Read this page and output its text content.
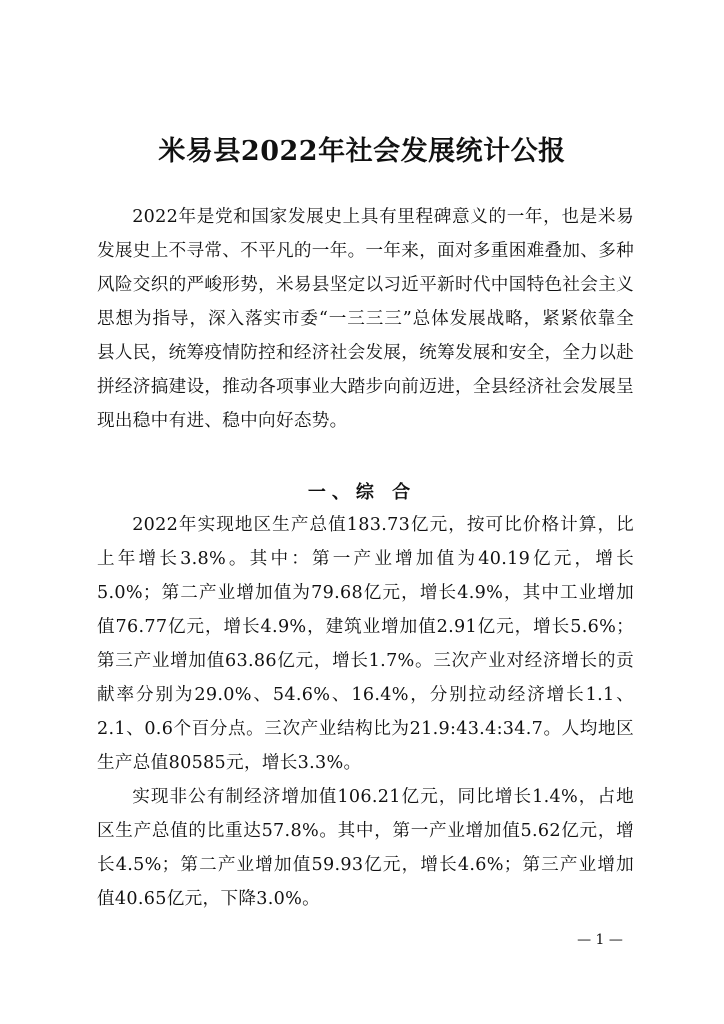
米易县2022年社会发展统计公报

2022年是党和国家发展史上具有里程碑意义的一年，也是米易发展史上不寻常、不平凡的一年。一年来，面对多重困难叠加、多种风险交织的严峻形势，米易县坚定以习近平新时代中国特色社会主义思想为指导，深入落实市委“一三三三”总体发展战略，紧紧依靠全县人民，统筹疫情防控和经济社会发展，统筹发展和安全，全力以赴拼经济搞建设，推动各项事业大踏步向前迈进，全县经济社会发展呈现出稳中有进、稳中向好态势。

一、综 合

2022年实现地区生产总值183.73亿元，按可比价格计算，比上年增长3.8%。其中：第一产业增加值为40.19亿元，增长5.0%；第二产业增加值为79.68亿元，增长4.9%，其中工业增加值76.77亿元，增长4.9%，建筑业增加值2.91亿元，增长5.6%；第三产业增加值63.86亿元，增长1.7%。三次产业对经济增长的贡献率分别为29.0%、54.6%、16.4%，分别拉动经济增长1.1、2.1、0.6个百分点。三次产业结构比为21.9:43.4:34.7。人均地区生产总值80585元，增长3.3%。

实现非公有制经济增加值106.21亿元，同比增长1.4%，占地区生产总值的比重达57.8%。其中，第一产业增加值5.62亿元，增长4.5%；第二产业增加值59.93亿元，增长4.6%；第三产业增加值40.65亿元，下降3.0%。

— 1 —
